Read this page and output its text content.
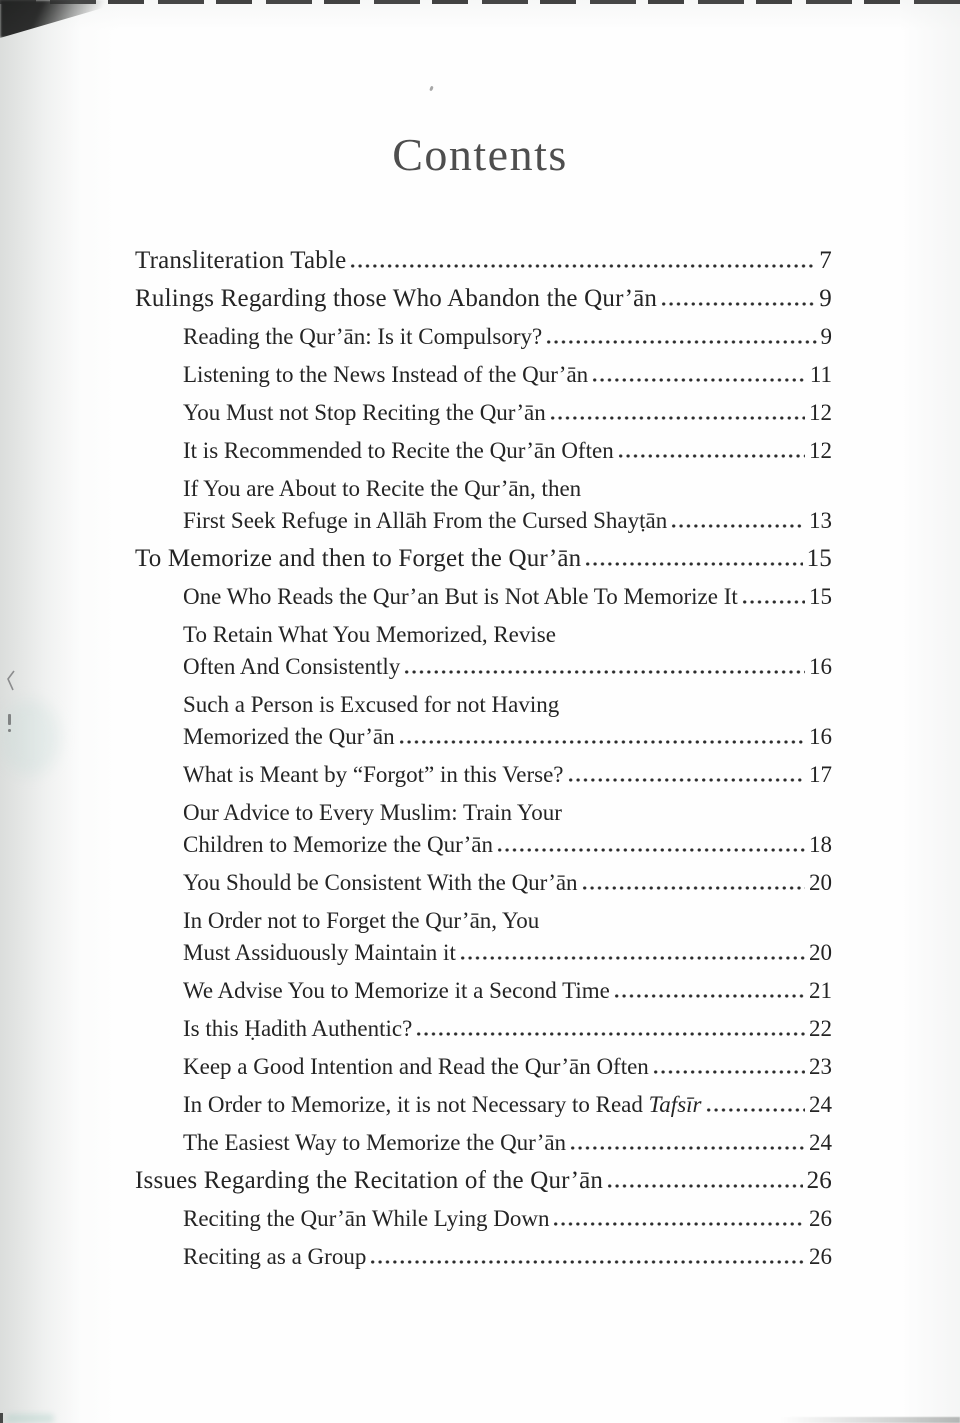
Contents
Transliteration Table	7
Rulings Regarding those Who Abandon the Qur’ān	9
Reading the Qur’ān: Is it Compulsory?	9
Listening to the News Instead of the Qur’ān	11
You Must not Stop Reciting the Qur’ān	12
It is Recommended to Recite the Qur’ān Often	12
If You are About to Recite the Qur’ān, then
First Seek Refuge in Allāh From the Cursed Shayṭān	13
To Memorize and then to Forget the Qur’ān	15
One Who Reads the Qur’an But is Not Able To Memorize It	15
To Retain What You Memorized, Revise
Often And Consistently	16
Such a Person is Excused for not Having
Memorized the Qur’ān	16
What is Meant by “Forgot” in this Verse?	17
Our Advice to Every Muslim: Train Your
Children to Memorize the Qur’ān	18
You Should be Consistent With the Qur’ān	20
In Order not to Forget the Qur’ān, You
Must Assiduously Maintain it	20
We Advise You to Memorize it a Second Time	21
Is this Ḥadith Authentic?	22
Keep a Good Intention and Read the Qur’ān Often	23
In Order to Memorize, it is not Necessary to Read Tafsīr	24
The Easiest Way to Memorize the Qur’ān	24
Issues Regarding the Recitation of the Qur’ān	26
Reciting the Qur’ān While Lying Down	26
Reciting as a Group	26
